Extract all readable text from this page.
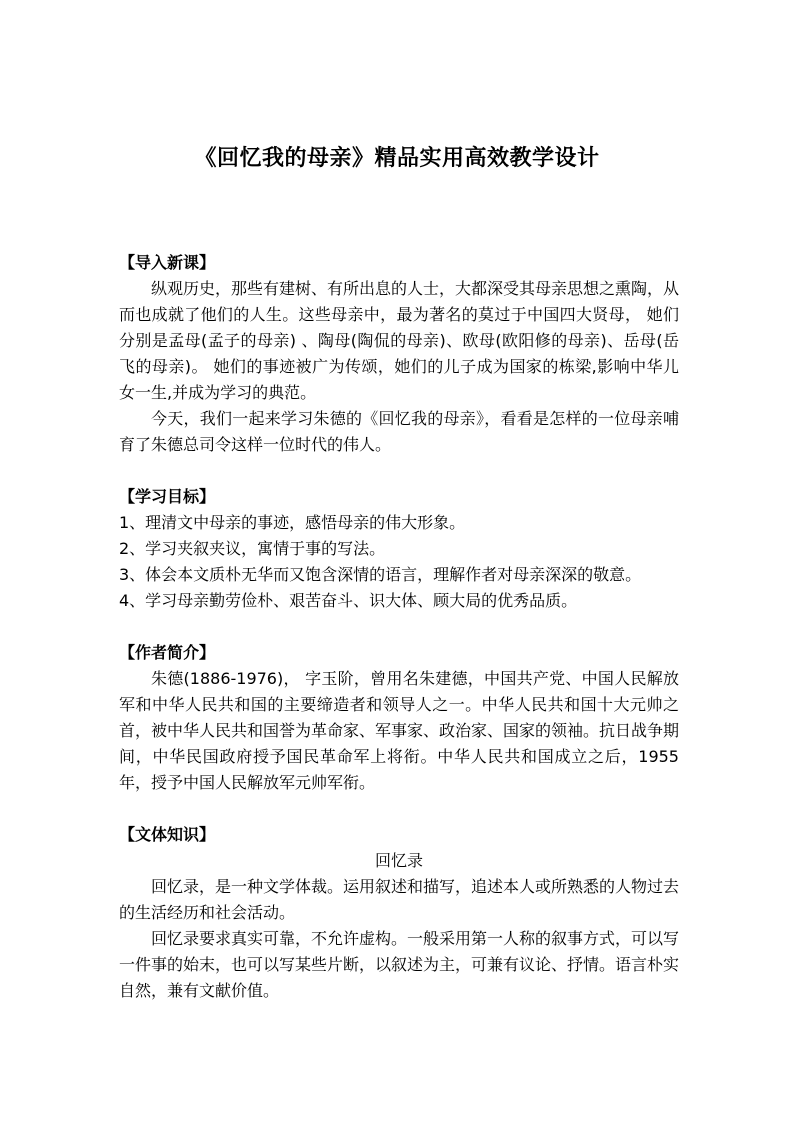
《回忆我的母亲》精品实用高效教学设计

【导入新课】

纵观历史，那些有建树、有所出息的人士，大都深受其母亲思想之熏陶，从而也成就了他们的人生。这些母亲中，最为著名的莫过于中国四大贤母， 她们分别是孟母(孟子的母亲) 、陶母(陶侃的母亲)、欧母(欧阳修的母亲)、岳母(岳飞的母亲)。 她们的事迹被广为传颂，她们的儿子成为国家的栋梁,影响中华儿女一生,并成为学习的典范。

今天，我们一起来学习朱德的《回忆我的母亲》，看看是怎样的一位母亲哺育了朱德总司令这样一位时代的伟人。

【学习目标】

1、理清文中母亲的事迹，感悟母亲的伟大形象。

2、学习夹叙夹议，寓情于事的写法。

3、体会本文质朴无华而又饱含深情的语言，理解作者对母亲深深的敬意。

4、学习母亲勤劳俭朴、艰苦奋斗、识大体、顾大局的优秀品质。

【作者简介】

朱德(1886-1976)， 字玉阶，曾用名朱建德，中国共产党、中国人民解放军和中华人民共和国的主要缔造者和领导人之一。中华人民共和国十大元帅之首，被中华人民共和国誉为革命家、军事家、政治家、国家的领袖。抗日战争期间，中华民国政府授予国民革命军上将衔。中华人民共和国成立之后，1955年，授予中国人民解放军元帅军衔。

【文体知识】

回忆录

回忆录，是一种文学体裁。运用叙述和描写，追述本人或所熟悉的人物过去的生活经历和社会活动。

回忆录要求真实可靠，不允许虚构。一般采用第一人称的叙事方式，可以写一件事的始末，也可以写某些片断，以叙述为主，可兼有议论、抒情。语言朴实自然，兼有文献价值。
